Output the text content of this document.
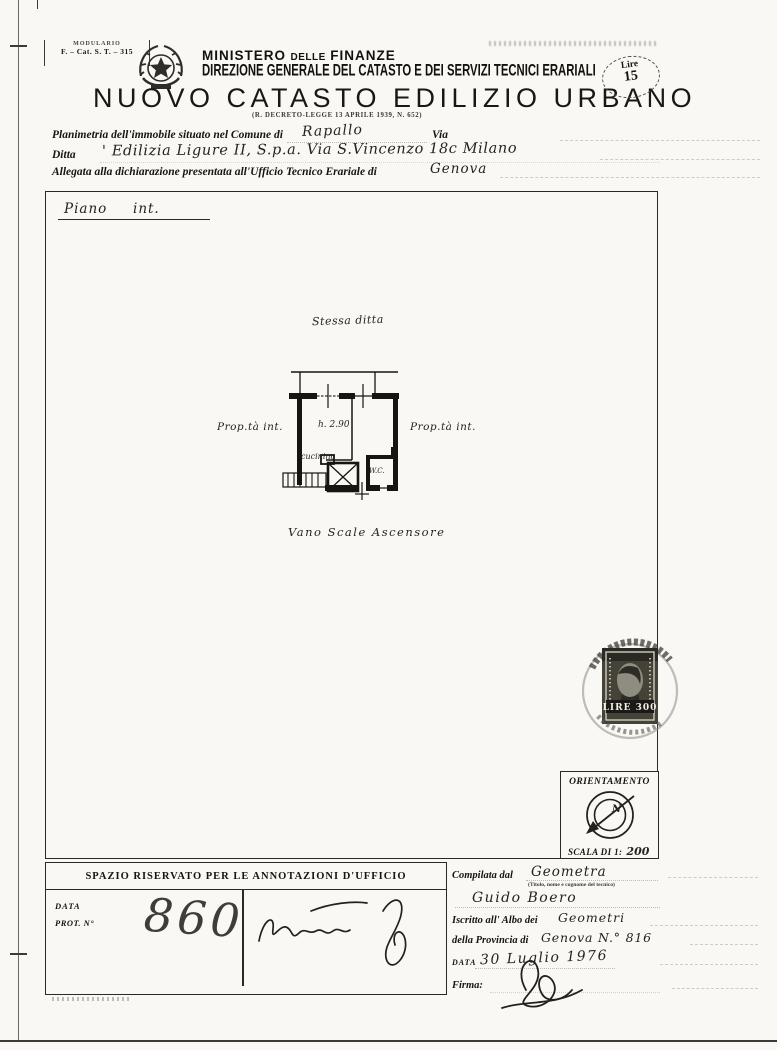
MODULARIO
F. – Cat. S. T. – 315	MINISTERO DELLE FINANZE
DIREZIONE GENERALE DEL CATASTO E DEI SERVIZI TECNICI ERARIALI
NUOVO CATASTO EDILIZIO URBANO
(R. DECRETO-LEGGE 13 APRILE 1939, N. 652)
Lire
15
Planimetria dell'immobile situato nel Comune di Rapallo	Via
Ditta ' Edilizia Ligure II, S.p.a. Via S.Vincenzo 18c Milano
Allegata alla dichiarazione presentata all'Ufficio Tecnico Erariale di	Genova
Piano int.
Stessa ditta
Prop.tà int.	Prop.tà int.
h. 2.90
cucinino
W.C.
Vano Scale Ascensore
LIRE 300
ORIENTAMENTO
N
SCALA DI 1: 200
SPAZIO RISERVATO PER LE ANNOTAZIONI D'UFFICIO
DATA
PROT. N° 860
Compilata dal Geometra
(Titolo, nome e cognome del tecnico)
Guido Boero
Iscritto all' Albo dei Geometri
della Provincia di Genova N.° 816
DATA 30 Luglio 1976
Firma:
